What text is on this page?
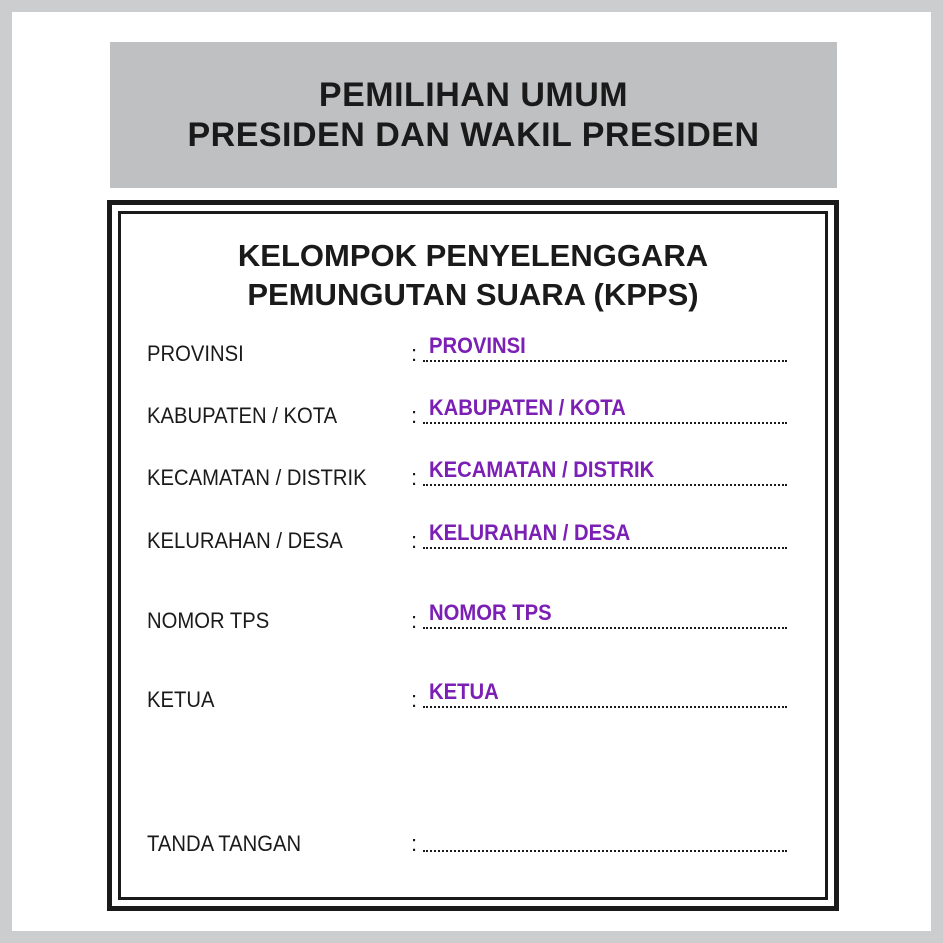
PEMILIHAN UMUM
PRESIDEN DAN WAKIL PRESIDEN
KELOMPOK PENYELENGGARA
PEMUNGUTAN SUARA (KPPS)
PROVINSI	: PROVINSI
KABUPATEN / KOTA	: KABUPATEN / KOTA
KECAMATAN / DISTRIK : KECAMATAN / DISTRIK
KELURAHAN / DESA	: KELURAHAN / DESA
NOMOR TPS	: NOMOR TPS
KETUA	: KETUA
TANDA TANGAN	:
